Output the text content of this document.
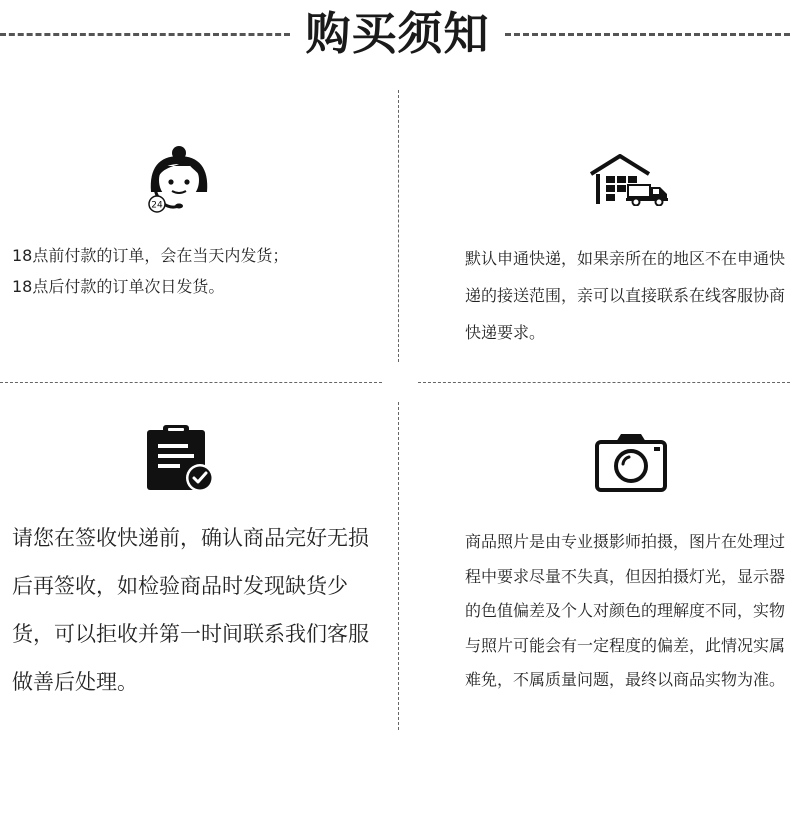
购买须知
24

18点前付款的订单，会在当天内发货；
18点后付款的订单次日发货。

默认申通快递，如果亲所在的地区不在申通快递的接送范围，亲可以直接联系在线客服协商快递要求。

请您在签收快递前，确认商品完好无损后再签收，如检验商品时发现缺货少货，可以拒收并第一时间联系我们客服做善后处理。

商品照片是由专业摄影师拍摄，图片在处理过程中要求尽量不失真，但因拍摄灯光，显示器的色值偏差及个人对颜色的理解度不同，实物与照片可能会有一定程度的偏差，此情况实属难免，不属质量问题，最终以商品实物为准。
